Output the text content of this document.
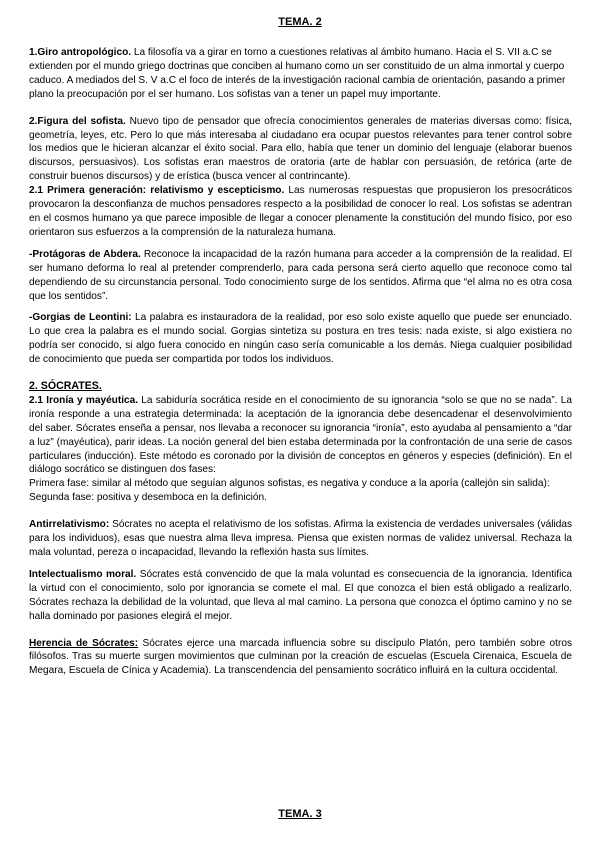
TEMA. 2

1.Giro antropológico. La filosofía va a girar en torno a cuestiones relativas al ámbito humano. Hacia el S. VII a.C se extienden por el mundo griego doctrinas que conciben al humano como un ser constituido de un alma inmortal y cuerpo caduco. A mediados del S. V a.C el foco de interés de la investigación racional cambia de orientación, pasando a primer plano la preocupación por el ser humano. Los sofistas van a tener un papel muy importante.

2.Figura del sofista. Nuevo tipo de pensador que ofrecía conocimientos generales de materias diversas como: física, geometría, leyes, etc. Pero lo que más interesaba al ciudadano era ocupar puestos relevantes para tener control sobre los medios que le hicieran alcanzar el éxito social. Para ello, había que tener un dominio del lenguaje (elaborar buenos discursos, persuasivos). Los sofistas eran maestros de oratoria (arte de hablar con persuasión, de retórica (arte de construir buenos discursos) y de erística (busca vencer al contrincante).

2.1 Primera generación: relativismo y escepticismo. Las numerosas respuestas que propusieron los presocráticos provocaron la desconfianza de muchos pensadores respecto a la posibilidad de conocer lo real. Los sofistas se adentran en el cosmos humano ya que parece imposible de llegar a conocer plenamente la constitución del mundo físico, por eso orientaron sus esfuerzos a la comprensión de la naturaleza humana.

-Protágoras de Abdera. Reconoce la incapacidad de la razón humana para acceder a la comprensión de la realidad. El ser humano deforma lo real al pretender comprenderlo, para cada persona será cierto aquello que reconoce como tal dependiendo de su circunstancia personal. Todo conocimiento surge de los sentidos. Afirma que “el alma no es otra cosa que los sentidos”.

-Gorgias de Leontini: La palabra es instauradora de la realidad, por eso solo existe aquello que puede ser enunciado. Lo que crea la palabra es el mundo social. Gorgias sintetiza su postura en tres tesis: nada existe, si algo existiera no podría ser conocido, si algo fuera conocido en ningún caso sería comunicable a los demás. Niega cualquier posibilidad de conocimiento que pueda ser compartida por todos los individuos.

2. SÓCRATES.

2.1 Ironía y mayéutica. La sabiduría socrática reside en el conocimiento de su ignorancia “solo se que no se nada”. La ironía responde a una estrategia determinada: la aceptación de la ignorancia debe desencadenar el desenvolvimiento del saber. Sócrates enseña a pensar, nos llevaba a reconocer su ignorancia “ironía”, esto ayudaba al pensamiento a “dar a luz” (mayéutica), parir ideas. La noción general del bien estaba determinada por la confrontación de una serie de casos particulares (inducción). Este método es coronado por la división de conceptos en géneros y especies (definición). En el diálogo socrático se distinguen dos fases:

Primera fase: similar al método que seguían algunos sofistas, es negativa y conduce a la aporía (callejón sin salida):

Segunda fase: positiva y desemboca en la definición.

Antirrelativismo: Sócrates no acepta el relativismo de los sofistas. Afirma la existencia de verdades universales (válidas para los individuos), esas que nuestra alma lleva impresa. Piensa que existen normas de validez universal. Rechaza la mala voluntad, pereza o incapacidad, llevando la reflexión hasta sus límites.

Intelectualismo moral. Sócrates está convencido de que la mala voluntad es consecuencia de la ignorancia. Identifica la virtud con el conocimiento, solo por ignorancia se comete el mal. El que conozca el bien está obligado a realizarlo. Sócrates rechaza la debilidad de la voluntad, que lleva al mal camino. La persona que conozca el óptimo camino y no se halla dominado por pasiones elegirá el mejor.

Herencia de Sócrates: Sócrates ejerce una marcada influencia sobre su discípulo Platón, pero también sobre otros filósofos. Tras su muerte surgen movimientos que culminan por la creación de escuelas (Escuela Cirenaica, Escuela de Megara, Escuela de Cínica y Academia). La transcendencia del pensamiento socrático influirá en la cultura occidental.

TEMA. 3
